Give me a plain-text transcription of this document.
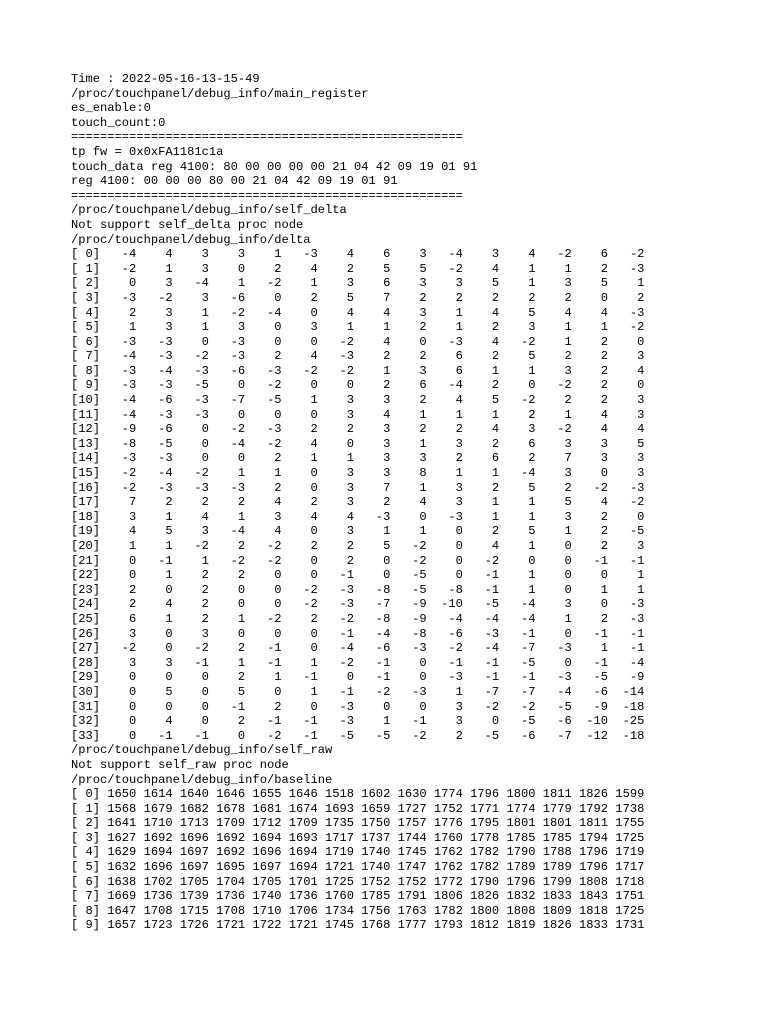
Time : 2022-05-16-13-15-49
/proc/touchpanel/debug_info/main_register
es_enable:0
touch_count:0
======================================================
tp fw = 0x0xFA1181c1a
touch_data reg 4100: 80 00 00 00 00 21 04 42 09 19 01 91
reg 4100: 00 00 00 80 00 21 04 42 09 19 01 91
======================================================
/proc/touchpanel/debug_info/self_delta
Not support self_delta proc node
/proc/touchpanel/debug_info/delta
[ 0]   -4    4    3    3    1   -3    4    6    3   -4    3    4   -2    6   -2
[ 1]   -2    1    3    0    2    4    2    5    5   -2    4    1    1    2   -3
[ 2]    0    3   -4    1   -2    1    3    6    3    3    5    1    3    5    1
[ 3]   -3   -2    3   -6    0    2    5    7    2    2    2    2    2    0    2
[ 4]    2    3    1   -2   -4    0    4    4    3    1    4    5    4    4   -3
[ 5]    1    3    1    3    0    3    1    1    2    1    2    3    1    1   -2
[ 6]   -3   -3    0   -3    0    0   -2    4    0   -3    4   -2    1    2    0
[ 7]   -4   -3   -2   -3    2    4   -3    2    2    6    2    5    2    2    3
[ 8]   -3   -4   -3   -6   -3   -2   -2    1    3    6    1    1    3    2    4
[ 9]   -3   -3   -5    0   -2    0    0    2    6   -4    2    0   -2    2    0
[10]   -4   -6   -3   -7   -5    1    3    3    2    4    5   -2    2    2    3
[11]   -4   -3   -3    0    0    0    3    4    1    1    1    2    1    4    3
[12]   -9   -6    0   -2   -3    2    2    3    2    2    4    3   -2    4    4
[13]   -8   -5    0   -4   -2    4    0    3    1    3    2    6    3    3    5
[14]   -3   -3    0    0    2    1    1    3    3    2    6    2    7    3    3
[15]   -2   -4   -2    1    1    0    3    3    8    1    1   -4    3    0    3
[16]   -2   -3   -3   -3    2    0    3    7    1    3    2    5    2   -2   -3
[17]    7    2    2    2    4    2    3    2    4    3    1    1    5    4   -2
[18]    3    1    4    1    3    4    4   -3    0   -3    1    1    3    2    0
[19]    4    5    3   -4    4    0    3    1    1    0    2    5    1    2   -5
[20]    1    1   -2    2   -2    2    2    5   -2    0    4    1    0    2    3
[21]    0   -1    1   -2   -2    0    2    0   -2    0   -2    0    0   -1   -1
[22]    0    1    2    2    0    0   -1    0   -5    0   -1    1    0    0    1
[23]    2    0    2    0    0   -2   -3   -8   -5   -8   -1    1    0    1    1
[24]    2    4    2    0    0   -2   -3   -7   -9  -10   -5   -4    3    0   -3
[25]    6    1    2    1   -2    2   -2   -8   -9   -4   -4   -4    1    2   -3
[26]    3    0    3    0    0    0   -1   -4   -8   -6   -3   -1    0   -1   -1
[27]   -2    0   -2    2   -1    0   -4   -6   -3   -2   -4   -7   -3    1   -1
[28]    3    3   -1    1   -1    1   -2   -1    0   -1   -1   -5    0   -1   -4
[29]    0    0    0    2    1   -1    0   -1    0   -3   -1   -1   -3   -5   -9
[30]    0    5    0    5    0    1   -1   -2   -3    1   -7   -7   -4   -6  -14
[31]    0    0    0   -1    2    0   -3    0    0    3   -2   -2   -5   -9  -18
[32]    0    4    0    2   -1   -1   -3    1   -1    3    0   -5   -6  -10  -25
[33]    0   -1   -1    0   -2   -1   -5   -5   -2    2   -5   -6   -7  -12  -18
/proc/touchpanel/debug_info/self_raw
Not support self_raw proc node
/proc/touchpanel/debug_info/baseline
[ 0] 1650 1614 1640 1646 1655 1646 1518 1602 1630 1774 1796 1800 1811 1826 1599
[ 1] 1568 1679 1682 1678 1681 1674 1693 1659 1727 1752 1771 1774 1779 1792 1738
[ 2] 1641 1710 1713 1709 1712 1709 1735 1750 1757 1776 1795 1801 1801 1811 1755
[ 3] 1627 1692 1696 1692 1694 1693 1717 1737 1744 1760 1778 1785 1785 1794 1725
[ 4] 1629 1694 1697 1692 1696 1694 1719 1740 1745 1762 1782 1790 1788 1796 1719
[ 5] 1632 1696 1697 1695 1697 1694 1721 1740 1747 1762 1782 1789 1789 1796 1717
[ 6] 1638 1702 1705 1704 1705 1701 1725 1752 1752 1772 1790 1796 1799 1808 1718
[ 7] 1669 1736 1739 1736 1740 1736 1760 1785 1791 1806 1826 1832 1833 1843 1751
[ 8] 1647 1708 1715 1708 1710 1706 1734 1756 1763 1782 1800 1808 1809 1818 1725
[ 9] 1657 1723 1726 1721 1722 1721 1745 1768 1777 1793 1812 1819 1826 1833 1731
